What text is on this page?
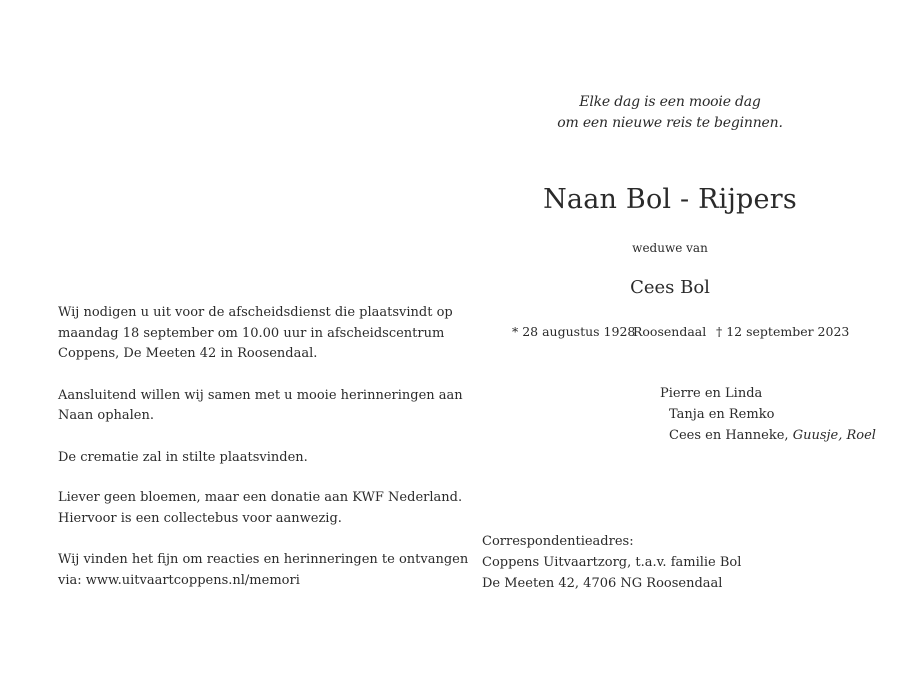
Elke dag is een mooie dag
om een nieuwe reis te beginnen.
Naan Bol - Rijpers
weduwe van
Cees Bol
* 28 augustus 1928
Roosendaal † 12 september 2023
Pierre en Linda
Tanja en Remko
Cees en Hanneke, Guusje, Roel

Wij nodigen u uit voor de afscheidsdienst die plaatsvindt op

maandag 18 september om 10.00 uur in afscheidscentrum

Coppens, De Meeten 42 in Roosendaal.

Aansluitend willen wij samen met u mooie herinneringen aan

Naan ophalen.

De crematie zal in stilte plaatsvinden.

Liever geen bloemen, maar een donatie aan KWF Nederland.

Hiervoor is een collectebus voor aanwezig.

Wij vinden het fijn om reacties en herinneringen te ontvangen

via: www.uitvaartcoppens.nl/memori

Correspondentieadres:
Coppens Uitvaartzorg, t.a.v. familie Bol
De Meeten 42, 4706 NG Roosendaal
